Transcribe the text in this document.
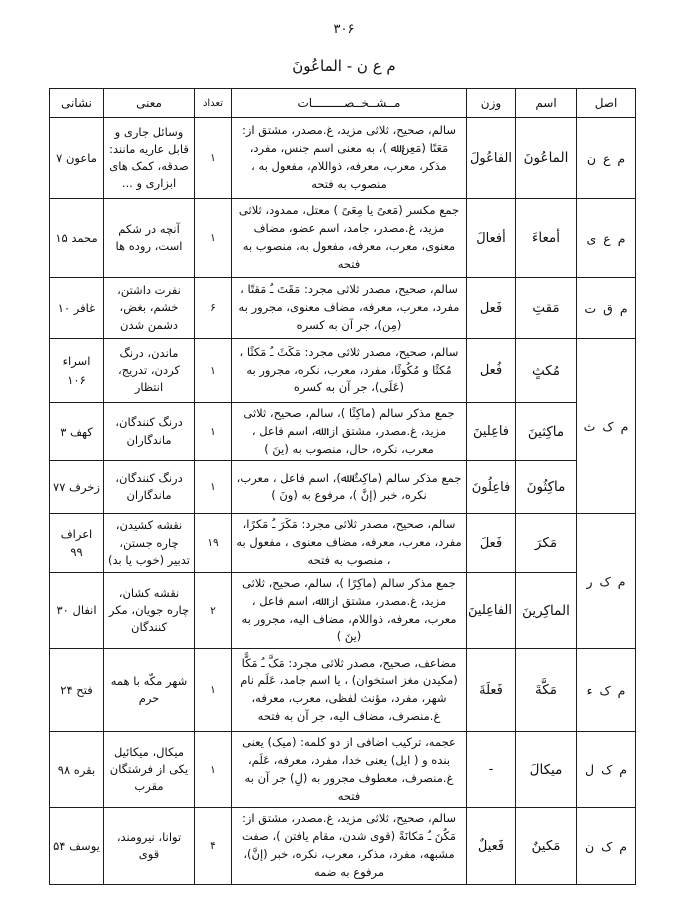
۳۰۶
م ع ن - الماعُونَ
اصل	اسم	وزن	مــشــخــصـــــــــات	تعداد	معنی	نشانی
م ع ن	الماعُونَ	الفاعُولَ	سالم، صحیح، ثلاثی مزید، غ.مصدر، مشتق از: مَعَنًا (مَعِن ﷲ )، به معنی اسم جنس، مفرد، مذکر، معرب، معرفه، ذواللام، مفعول به ، منصوب به فتحه	۱	وسائل جاری و قابل عاریه مانند: صدقه، کمک های ابزاری و ...	ماعون ۷
م ع ی	أمعاءَ	أفعالَ	جمع مکسر (مَعیً یا مِعَیً ) معتل، ممدود، ثلاثی مزید، غ.مصدر، جامد، اسم عضو، مضاف معنوی، معرب، معرفه، مفعول به، منصوب به فتحه	۱	آنچه در شکم است، روده ها	محمد ۱۵
م ق ت	مَقتِ	فَعل	سالم، صحیح، مصدر ثلاثی مجرد: مَقَتَ ـُ مَقتًا ، مفرد، معرب، معرفه، مضاف معنوی، مجرور به (مِن)، جر آن به کسره	۶	نفرت داشتن، خشم، بغض، دشمن شدن	غافر ۱۰
م ک ث	مُکثٍ	فُعل	سالم، صحیح، مصدر ثلاثی مجرد: مَکَثَ ـُ مَکثًا ، مُکثًا و مُکُوثًا، مفرد، معرب، نکره، مجرور به (عَلَی)، جر آن به کسره	۱	ماندن، درنگ کردن، تدریج، انتظار	اسراء ۱۰۶
	ماکِثینَ	فاعِلینَ	جمع مذکر سالم (ماکِثًا )، سالم، صحیح، ثلاثی مزید، غ.مصدر، مشتق از: ﷲ، اسم فاعل ، معرب، نکره، حال، منصوب به (ینَ )	۱	درنگ کنندگان، ماندگاران	کهف ۳
	ماکِثُونَ	فاعِلُونَ	جمع مذکر سالم (ماکِثٌ ﷲ)، اسم فاعل ، معرب، نکره، خبر (إنَّ )، مرفوع به (ونَ )	۱	درنگ کنندگان، ماندگاران	زخرف ۷۷
م ک ر	مَکرَ	فَعلَ	سالم، صحیح، مصدر ثلاثی مجرد: مَکَرَ ـُ مَکرًا، مفرد، معرب، معرفه، مضاف معنوی ، مفعول به ، منصوب به فتحه	۱۹	نقشه کشیدن، چاره جستن، تدبیر (خوب یا بد)	اعراف ۹۹
	الماکِرینَ	الفاعِلینَ	جمع مذکر سالم (ماکِرًا )، سالم، صحیح، ثلاثی مزید، غ.مصدر، مشتق از: ﷲ، اسم فاعل ، معرب، معرفه، ذواللام، مضاف الیه، مجرور به (ینَ )	۲	نقشه کشان، چاره جویان، مکر کنندگان	انفال ۳۰
م ک ء	مَکَّةَ	فَعلَةَ	مضاعف، صحیح، مصدر ثلاثی مجرد: مَکَّ ـُ مَکًّا (مکیدن مغز استخوان) ، یا اسم جامد، عَلَم نام شهر، مفرد، مؤنث لفظی، معرب، معرفه، غ.منصرف، مضاف الیه، جر آن به فتحه	۱	شهر مکّه با همه حرم	فتح ۲۴
م ک ل	میکالَ	-	عجمه، ترکیب اضافی از دو کلمه: (میک) یعنی بنده و ( ایل) یعنی خدا، مفرد، معرفه، عَلَم، غ.منصرف، معطوف مجرور به (لِ) جر آن به فتحه	۱	میکال، میکائیل یکی از فرشتگان مقرب	بقره ۹۸
م ک ن	مَکینٌ	فَعیلٌ	سالم، صحیح، ثلاثی مزید، غ.مصدر، مشتق از: مَکُنَ ـُ مَکانَةً (قوی شدن، مقام یافتن )، صفت مشبهه، مفرد، مذکر، معرب، نکره، خبر (إنَّ)، مرفوع به ضمه	۴	توانا، نیرومند، قوی	یوسف ۵۴
